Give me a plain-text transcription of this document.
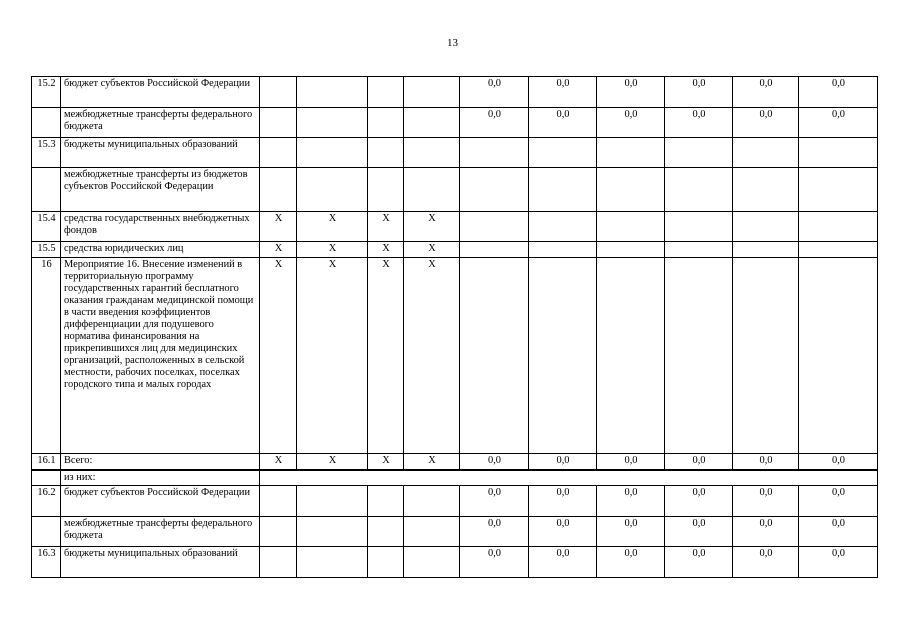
13
15.2	бюджет субъектов Российской Федерации					0,0	0,0	0,0	0,0	0,0	0,0
	межбюджетные трансферты федерального бюджета					0,0	0,0	0,0	0,0	0,0	0,0
15.3	бюджеты муниципальных образований										
	межбюджетные трансферты из бюджетов субъектов Российской Федерации										
15.4	средства государственных внебюджетных фондов	X	X	X	X						
15.5	средства юридических лиц	X	X	X	X						
16	Мероприятие 16. Внесение изменений в территориальную программу государственных гарантий бесплатного оказания гражданам медицинской помощи в части введения коэффициентов дифференциации для подушевого норматива финансирования на прикрепившихся лиц для медицинских организаций, расположенных в сельской местности, рабочих поселках, поселках городского типа и малых городах	X	X	X	X						
16.1	Всего:	X	X	X	X	0,0	0,0	0,0	0,0	0,0	0,0
	из них:										
16.2	бюджет субъектов Российской Федерации					0,0	0,0	0,0	0,0	0,0	0,0
	межбюджетные трансферты федерального бюджета					0,0	0,0	0,0	0,0	0,0	0,0
16.3	бюджеты муниципальных образований					0,0	0,0	0,0	0,0	0,0	0,0
